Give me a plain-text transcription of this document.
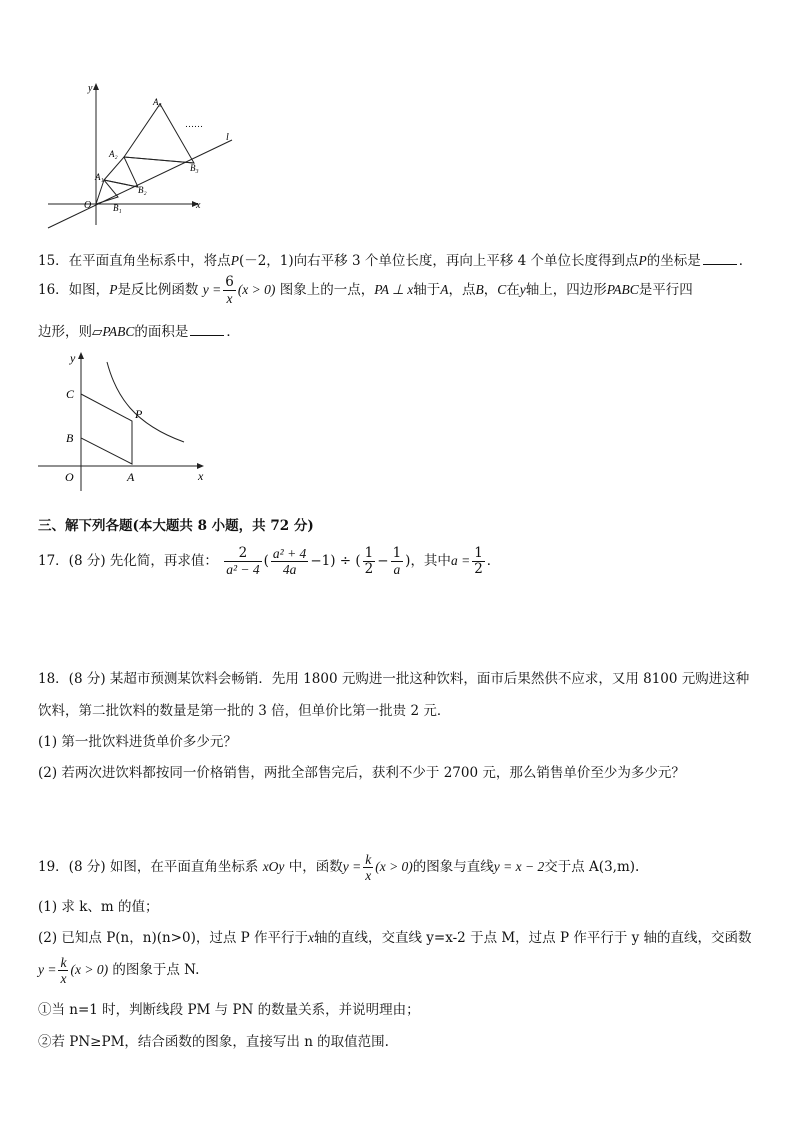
y
x
O
A₁
A₂
A₃
B₁
B₂
B₃
l
……
15．在平面直角坐标系中，将点P(－2，1)向右平移 3 个单位长度，再向上平移 4 个单位长度得到点P的坐标是	．
16．如图，P是反比例函数 $y = \frac{6}{x} (x > 0)$ 图象上的一点，PA ⊥ x轴于A，点B，C在y轴上，四边形PABC是平行四
边形，则▱PABC的面积是	．
y
x
C
B
O	A
P
三、解下列各题(本大题共 8 小题，共 72 分)
17．(8 分) 先化简，再求值： $\frac{2}{\text{a² − 4}}$ ( $\frac{\text{a² + 4}}{4a} -1$) ÷ ( $\frac{1}{2} - \frac{1}{a}$ )，其中$a = \frac{1}{2}$ ．
18．(8 分) 某超市预测某饮料会畅销．先用 1800 元购进一批这种饮料，面市后果然供不应求，又用 8100 元购进这种
饮料，第二批饮料的数量是第一批的 3 倍，但单价比第一批贵 2 元．
(1) 第一批饮料进货单价多少元？
(2) 若两次进饮料都按同一价格销售，两批全部售完后，获利不少于 2700 元，那么销售单价至少为多少元？
19．(8 分) 如图，在平面直角坐标系 xOy 中，函数$y = \frac{k}{x} (x > 0)$的图象与直线y = x − 2交于点 A(3,m).
(1) 求 k、m 的值；
(2) 已知点 P(n，n)(n>0)，过点 P 作平行于x轴的直线，交直线 y=x-2 于点 M，过点 P 作平行于 y 轴的直线，交函数
$y = \frac{k}{x} (x > 0)$ 的图象于点 N.
①当 n=1 时，判断线段 PM 与 PN 的数量关系，并说明理由；
②若 PN≥PM，结合函数的图象，直接写出 n 的取值范围.
